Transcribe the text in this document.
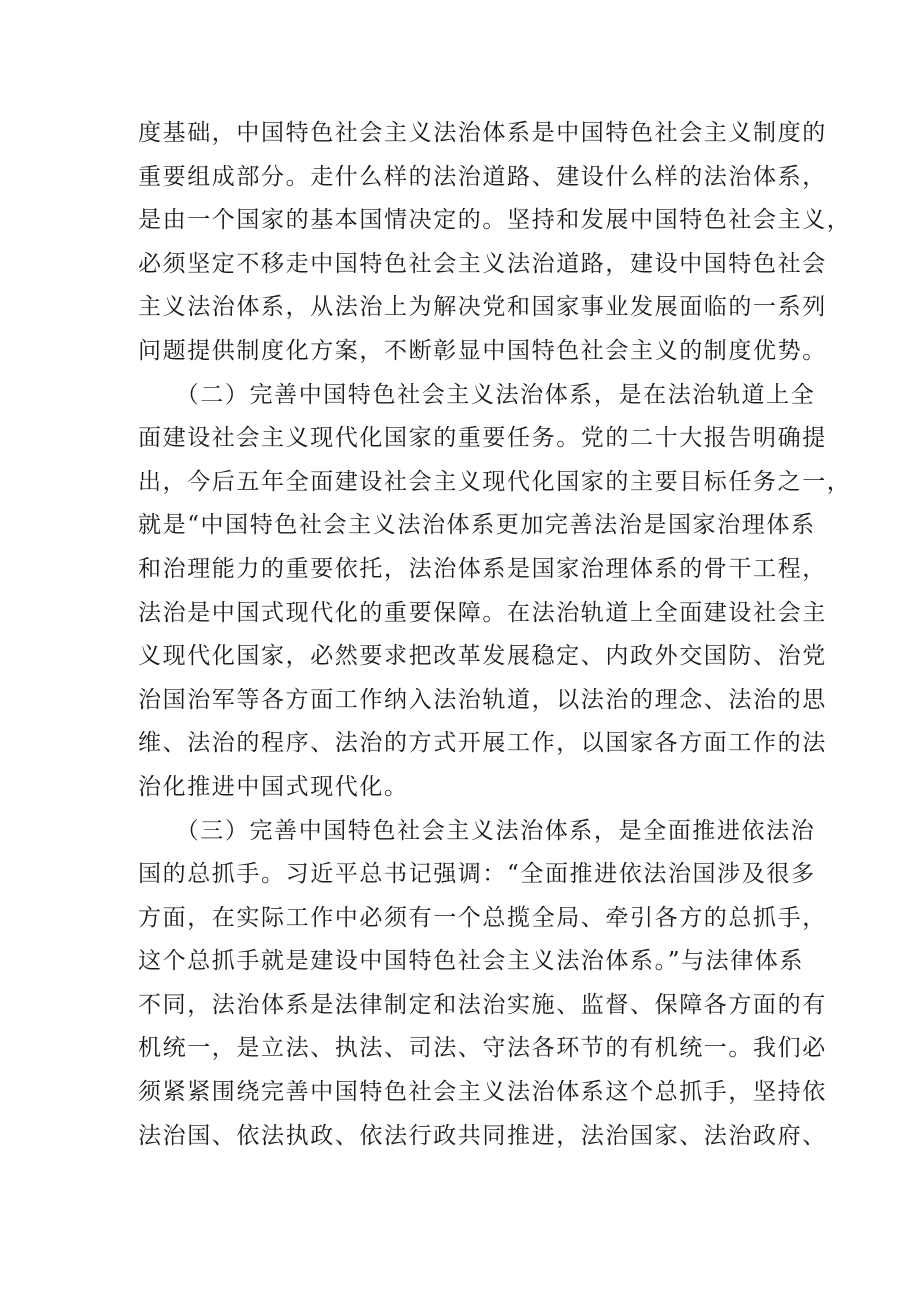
度基础，中国特色社会主义法治体系是中国特色社会主义制度的
重要组成部分。走什么样的法治道路、建设什么样的法治体系，
是由一个国家的基本国情决定的。坚持和发展中国特色社会主义，
必须坚定不移走中国特色社会主义法治道路，建设中国特色社会
主义法治体系，从法治上为解决党和国家事业发展面临的一系列
问题提供制度化方案，不断彰显中国特色社会主义的制度优势。
　　（二）完善中国特色社会主义法治体系，是在法治轨道上全
面建设社会主义现代化国家的重要任务。党的二十大报告明确提
出，今后五年全面建设社会主义现代化国家的主要目标任务之一，
就是“中国特色社会主义法治体系更加完善法治是国家治理体系
和治理能力的重要依托，法治体系是国家治理体系的骨干工程，
法治是中国式现代化的重要保障。在法治轨道上全面建设社会主
义现代化国家，必然要求把改革发展稳定、内政外交国防、治党
治国治军等各方面工作纳入法治轨道，以法治的理念、法治的思
维、法治的程序、法治的方式开展工作，以国家各方面工作的法
治化推进中国式现代化。
　　（三）完善中国特色社会主义法治体系，是全面推进依法治
国的总抓手。习近平总书记强调：“全面推进依法治国涉及很多
方面，在实际工作中必须有一个总揽全局、牵引各方的总抓手，
这个总抓手就是建设中国特色社会主义法治体系。”与法律体系
不同，法治体系是法律制定和法治实施、监督、保障各方面的有
机统一，是立法、执法、司法、守法各环节的有机统一。我们必
须紧紧围绕完善中国特色社会主义法治体系这个总抓手，坚持依
法治国、依法执政、依法行政共同推进，法治国家、法治政府、
